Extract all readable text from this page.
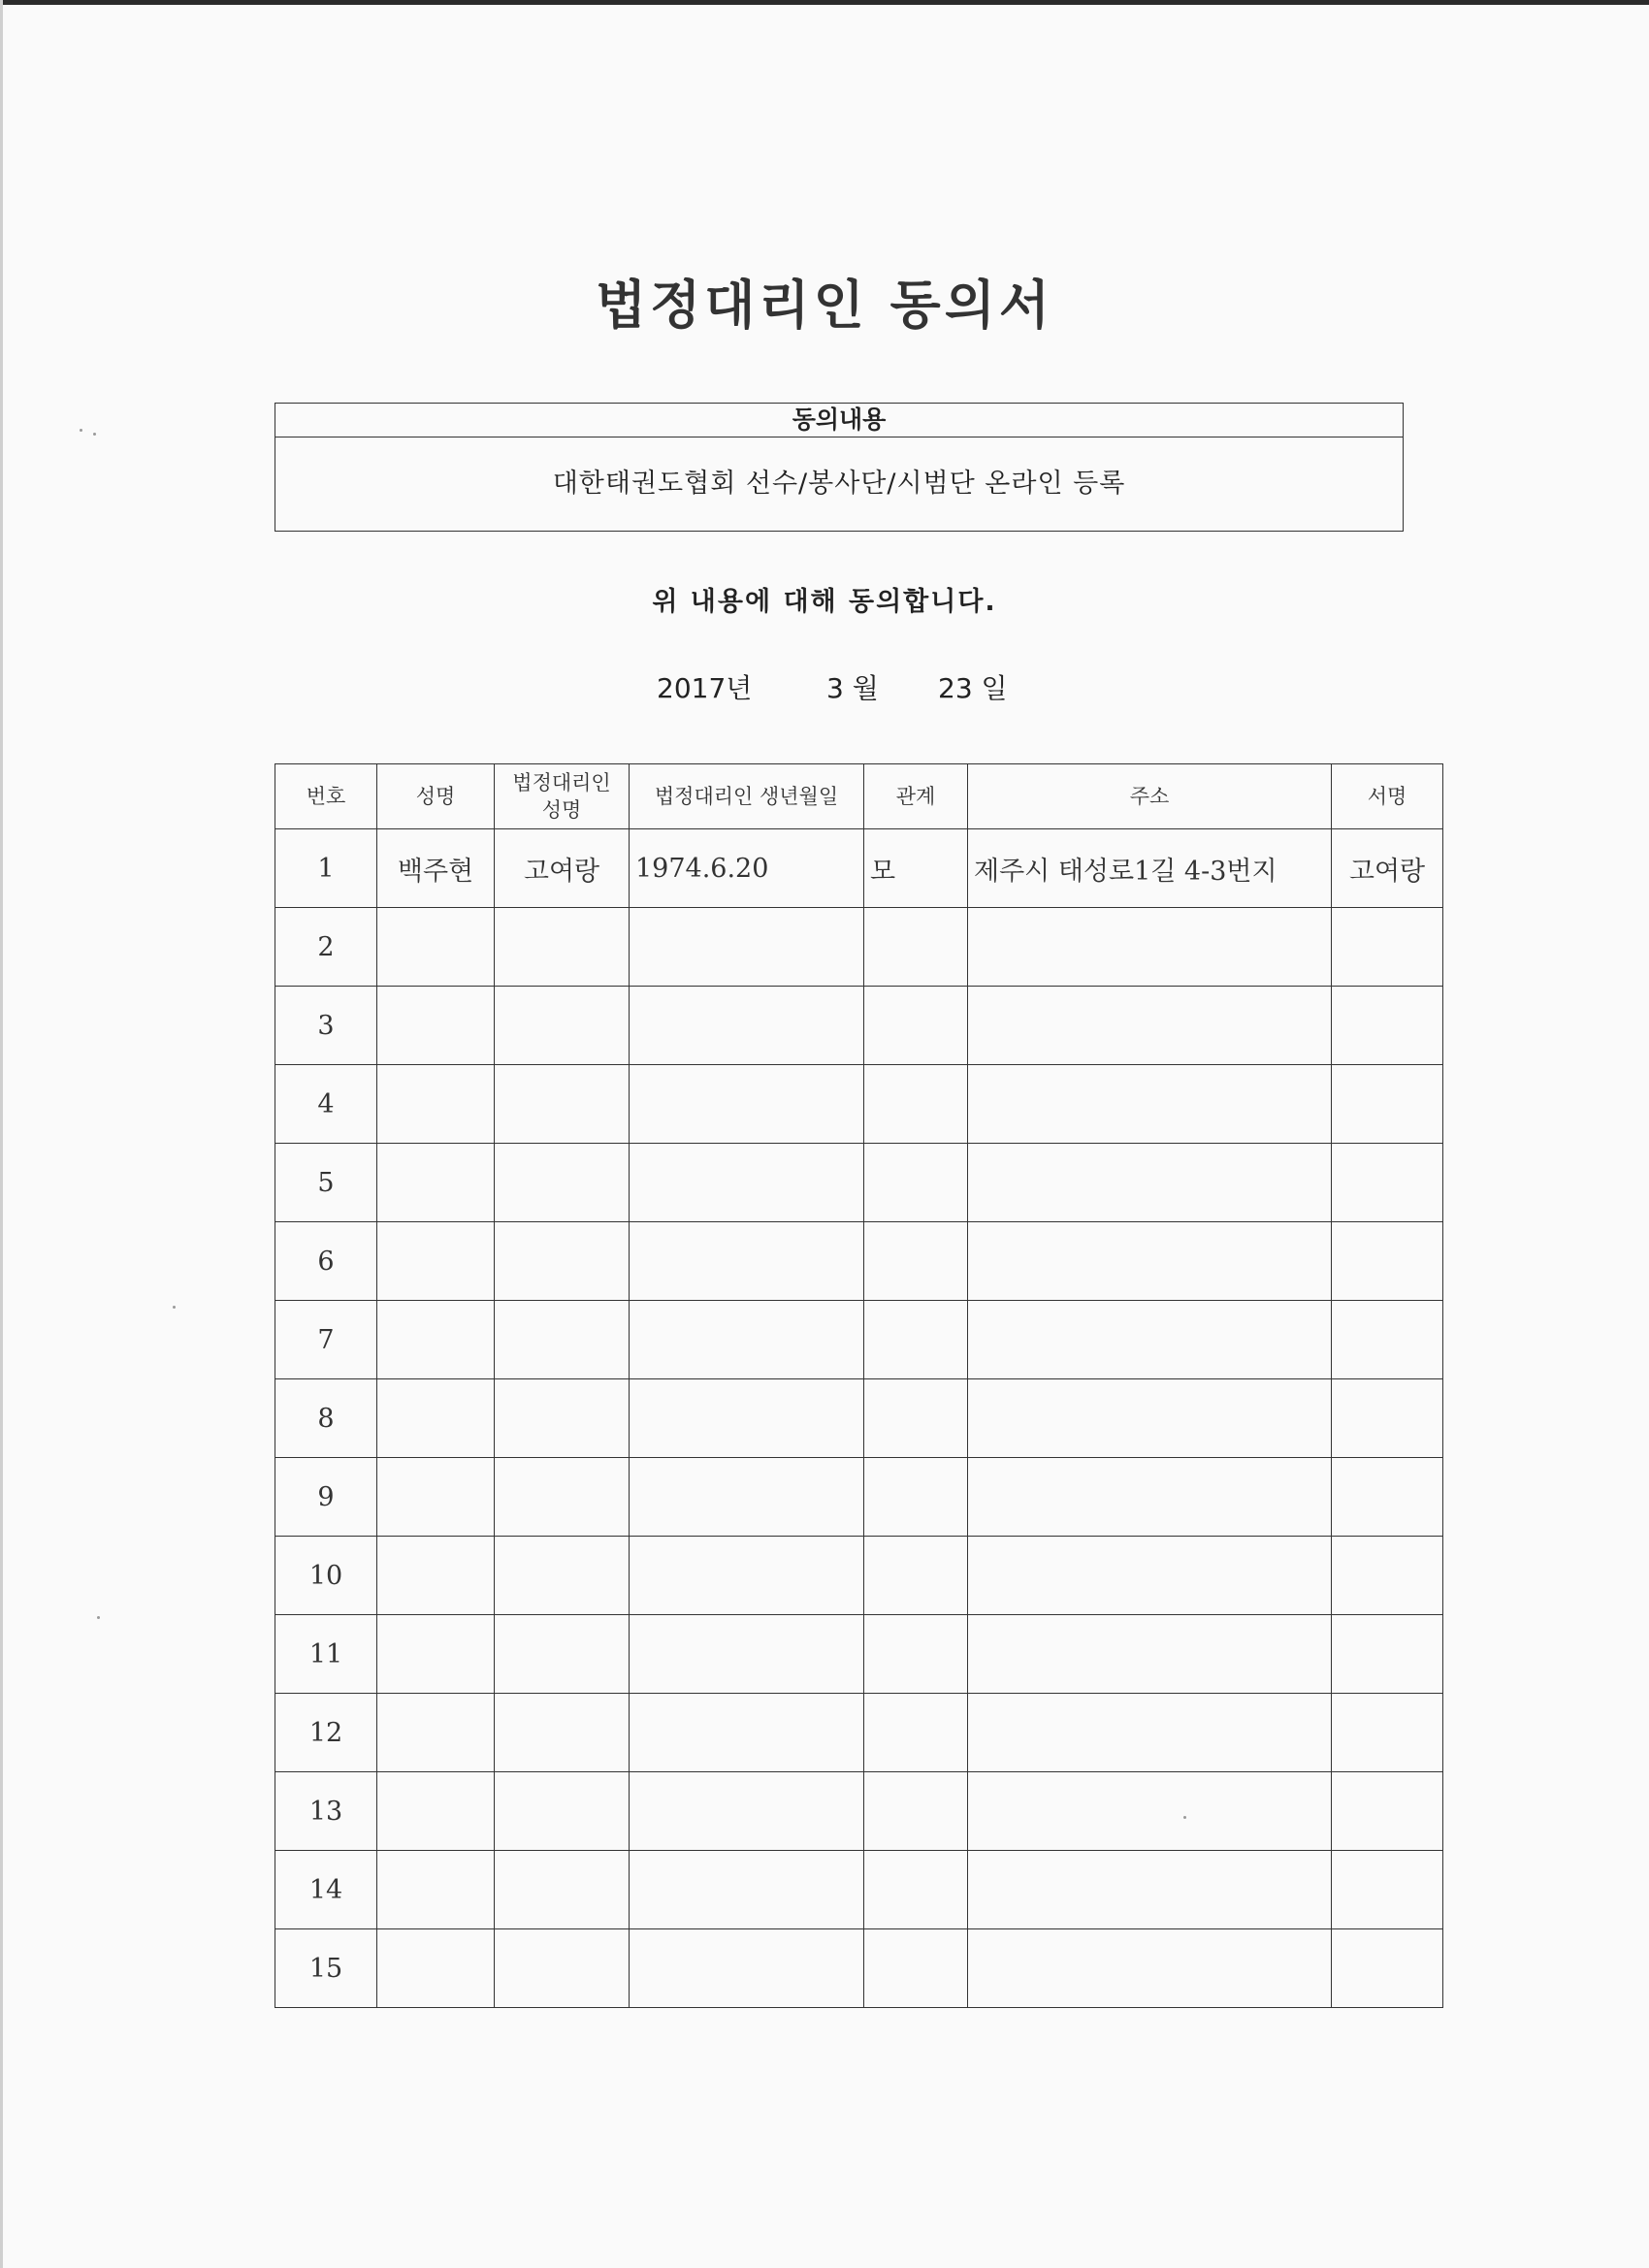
법정대리인 동의서
동의내용
대한태권도협회 선수/봉사단/시범단 온라인 등록
위 내용에 대해 동의합니다.
2017년	3 월 23 일
번호	성명	법정대리인 성명	법정대리인 생년월일	관계	주소	서명
1	백주현	고여랑	1974.6.20	모	제주시 태성로1길 4-3번지	고여랑
2						
3						
4						
5						
6						
7						
8						
9						
10						
11						
12						
13						
14						
15						
